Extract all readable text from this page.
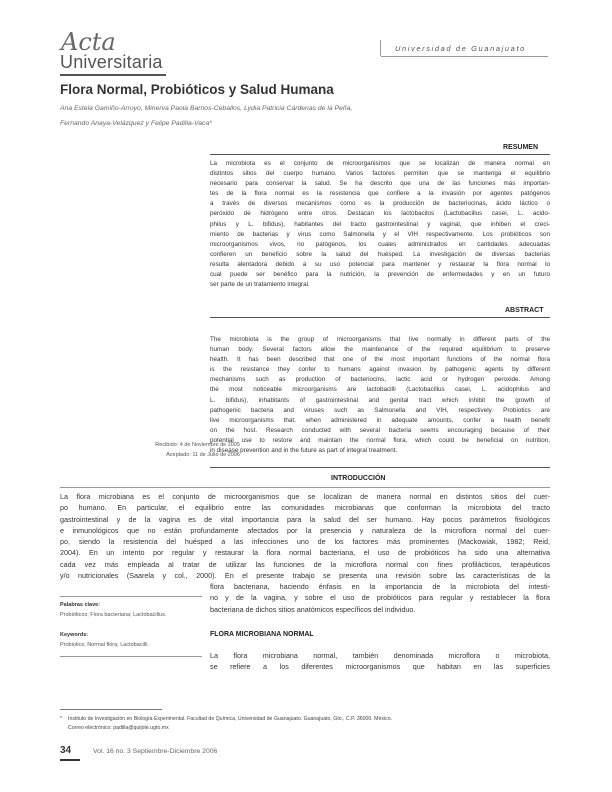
Universidad de Guanajuato
Acta
Universitaria
Flora Normal, Probióticos y Salud Humana
Ana Estela Gamiño-Arroyo, Minerva Paola Barrios-Ceballos, Lydia Patricia Cárdenas de la Peña,
Fernando Anaya-Velázquez y Felipe Padilla-Vaca*
RESUMEN

La microbiota es el conjunto de microorganismos que se localizan de manera normal en

distintos sitios del cuerpo humano. Varios factores permiten que se mantenga el equilibrio

necesario para conservar la salud. Se ha descrito que una de las funciones más importan-

tes de la flora normal es la resistencia que confiere a la invasión por agentes patógenos

a través de diversos mecanismos como es la producción de bacteriocinas, ácido láctico o

peróxido de hidrógeno entre otros. Destacan los lactobacilos (Lactobacillus casei, L. acido-

philus y L. bifidus), habitantes del tracto gastrointestinal y vaginal, que inhiben el creci-

miento de bacterias y virus como Salmonella y el VIH respectivamente. Los probióticos son

microorganismos vivos, no patógenos, los cuales administrados en cantidades adecuadas

confieren un beneficio sobre la salud del huésped. La investigación de diversas bacterias

resulta alentadora debido a su uso potencial para mantener y restaurar la flora normal lo

cual puede ser benéfico para la nutrición, la prevención de enfermedades y en un futuro

ser parte de un tratamiento integral.

ABSTRACT

The microbiota is the group of microorganisms that live normally in different parts of the

human body. Several factors allow the maintenance of the required equilibrium to preserve

health. It has been described that one of the most important functions of the normal flora

is the resistance they confer to humans against invasion by pathogenic agents by different

mechanisms such as production of bacteriocins, lactic acid or hydrogen peroxide. Among

the most noticeable microorganisms are lactobacilli (Lactobacillus casei, L. acidophilus and

L. bifidus), inhabitants of gastrointestinal and genital tract which inhibit the growth of

pathogenic bacteria and viruses such as Salmonella and VIH, respectively. Probiotics are

live microorganisms that, when administered in adequate amounts, confer a health benefit

on the host. Research conducted with several bacteria seems encouraging because of their

potential use to restore and maintain the normal flora, which could be beneficial on nutrition,

in disease prevention and in the future as part of integral treatment.

Recibido: 4 de Noviembre de 2005
Aceptado: 11 de Julio de 2006
INTRODUCCIÓN

La flora microbiana es el conjunto de microorganismos que se localizan de manera normal en distintos sitios del cuer-

po humano. En particular, el equilibrio entre las comunidades microbianas que conforman la microbiota del tracto

gastrointestinal y de la vagina es de vital importancia para la salud del ser humano. Hay pocos parámetros fisiológicos

e inmunológicos que no están profundamente afectados por la presencia y naturaleza de la microflora normal del cuer-

po, siendo la resistencia del huésped a las infecciones uno de los factores más prominentes (Mackowiak, 1982; Reid,

2004). En un intento por regular y restaurar la flora normal bacteriana, el uso de probióticos ha sido una alternativa

cada vez más empleada al tratar de utilizar las funciones de la microflora normal con fines profilácticos, terapéuticos

y/o nutricionales (Saarela y col., 2000). En el presente trabajo se presenta una revisión sobre las características de la

flora bacteriana, haciendo énfasis en la importancia de la microbiota del intesti-

no y de la vagina, y sobre el uso de probióticos para regular y restablecer la flora

bacteriana de dichos sitios anatómicos específicos del individuo.

Palabras clave:
Probióticos; Flora bacteriana; Lactobacillus.
Keywords:
Probiotics; Normal flora; Lactobacilli.
FLORA MICROBIANA NORMAL

La flora microbiana normal, también denominada microflora o microbiota,

se refiere a los diferentes microorganismos que habitan en las superficies

* Instituto de Investigación en Biología Experimental. Facultad de Química, Universidad de Guanajuato. Guanajuato, Gto., C.P. 36000. México.
Correo electrónico: padilla@quijote.ugto.mx
34	Vol. 16 no. 3 Septiembre-Diciembre 2006
